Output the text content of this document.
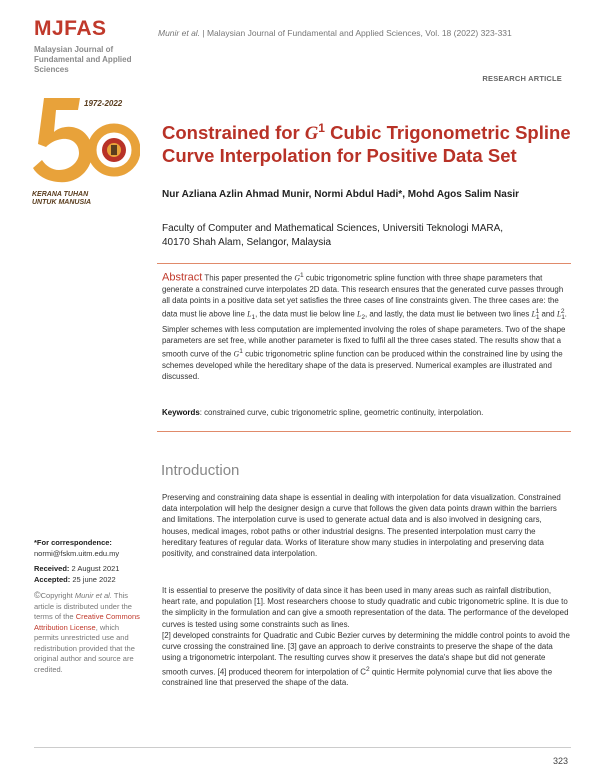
MJFAS
Malaysian Journal of Fundamental and Applied Sciences
Munir et al. | Malaysian Journal of Fundamental and Applied Sciences, Vol. 18 (2022) 323-331
RESEARCH ARTICLE
1972-2022
KERANA TUHAN
UNTUK MANUSIA
Constrained for $G^1$ Cubic Trigonometric Spline Curve Interpolation for Positive Data Set
Nur Azliana Azlin Ahmad Munir, Normi Abdul Hadi*, Mohd Agos Salim Nasir
Faculty of Computer and Mathematical Sciences, Universiti Teknologi MARA,
40170 Shah Alam, Selangor, Malaysia
Abstract This paper presented the $G^1$ cubic trigonometric spline function with three shape parameters that generate a constrained curve interpolates 2D data. This research ensures that the generated curve passes through all data points in a positive data set yet satisfies the three cases of line constraints given. The three cases are: the data must lie above line $L_1$, the data must lie below line $L_2$, and lastly, the data must lie between two lines $L_1^1$ and $L_1^2$. Simpler schemes with less computation are implemented involving the roles of shape parameters. Two of the shape parameters are set free, while another parameter is fixed to fulfil all the three cases stated. The results show that a smooth curve of the $G^1$ cubic trigonometric spline function can be produced within the constrained line by using the schemes developed while the hereditary shape of the data is preserved. Numerical examples are illustrated and discussed.
Keywords: constrained curve, cubic trigonometric spline, geometric continuity, interpolation.
Introduction
Preserving and constraining data shape is essential in dealing with interpolation for data visualization. Constrained data interpolation will help the designer design a curve that follows the given data points drawn within the barriers and limitations. The interpolation curve is used to generate actual data and is also involved in designing cars, houses, medical images, robot paths or other industrial designs. The presented interpolation must carry the hereditary features of regular data. Works of literature show many studies in interpolating and preserving data positivity, and constrained data interpolation.
It is essential to preserve the positivity of data since it has been used in many areas such as rainfall distribution, heart rate, and population [1]. Most researchers choose to study quadratic and cubic trigonometric spline. It is due to the simplicity in the formulation and can give a smooth representation of the data. The performance of the developed curves is tested using some constraints such as lines.
[2] developed constraints for Quadratic and Cubic Bezier curves by determining the middle control points to avoid the curve crossing the constrained line. [3] gave an approach to derive constraints to preserve the shape of the data using a trigonometric interpolant. The resulting curves show it preserves the data's shape but did not generate smooth curves. [4] produced theorem for interpolation of $C^2$ quintic Hermite polynomial curve that lies above the constrained line that preserved the shape of the data.
*For correspondence:
normi@fskm.uitm.edu.my
Received: 2 August 2021
Accepted: 25 june 2022
©Copyright Munir et al. This article is distributed under the terms of the Creative Commons Attribution License, which permits unrestricted use and redistribution provided that the original author and source are credited.
323
